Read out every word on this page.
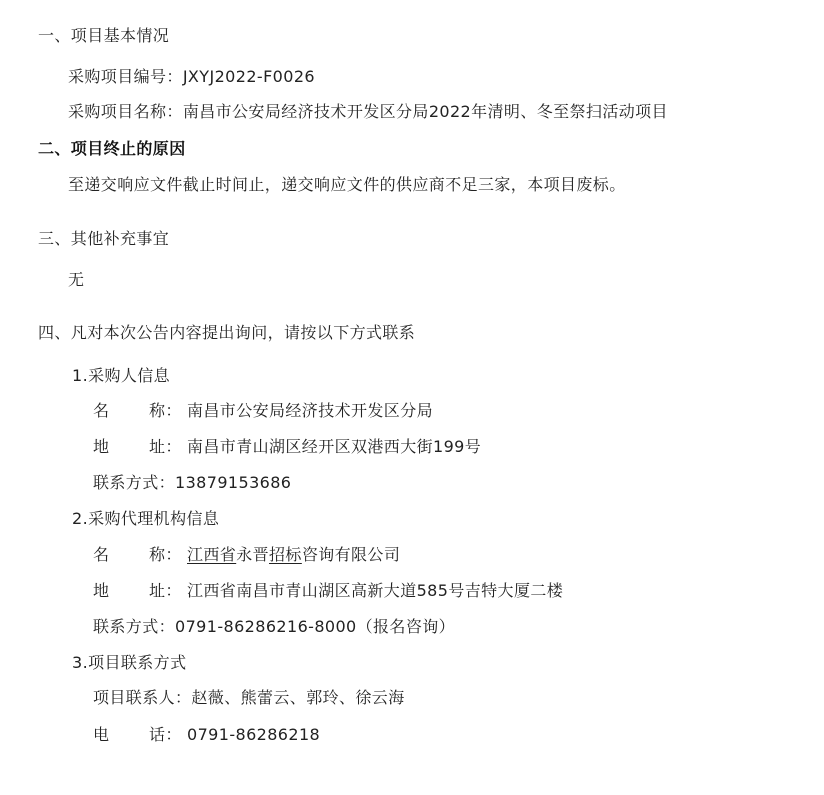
一、项目基本情况
采购项目编号：JXYJ2022-F0026
采购项目名称：南昌市公安局经济技术开发区分局2022年清明、冬至祭扫活动项目
二、项目终止的原因
至递交响应文件截止时间止，递交响应文件的供应商不足三家，本项目废标。
三、其他补充事宜
无
四、凡对本次公告内容提出询问，请按以下方式联系
1.采购人信息
名 称： 南昌市公安局经济技术开发区分局
地 址： 南昌市青山湖区经开区双港西大街199号
联系方式：13879153686
2.采购代理机构信息
名 称： 江西省永晋招标咨询有限公司
地 址： 江西省南昌市青山湖区高新大道585号吉特大厦二楼
联系方式：0791-86286216-8000（报名咨询）
3.项目联系方式
项目联系人：赵薇、熊蕾云、郭玲、徐云海
电 话： 0791-86286218
